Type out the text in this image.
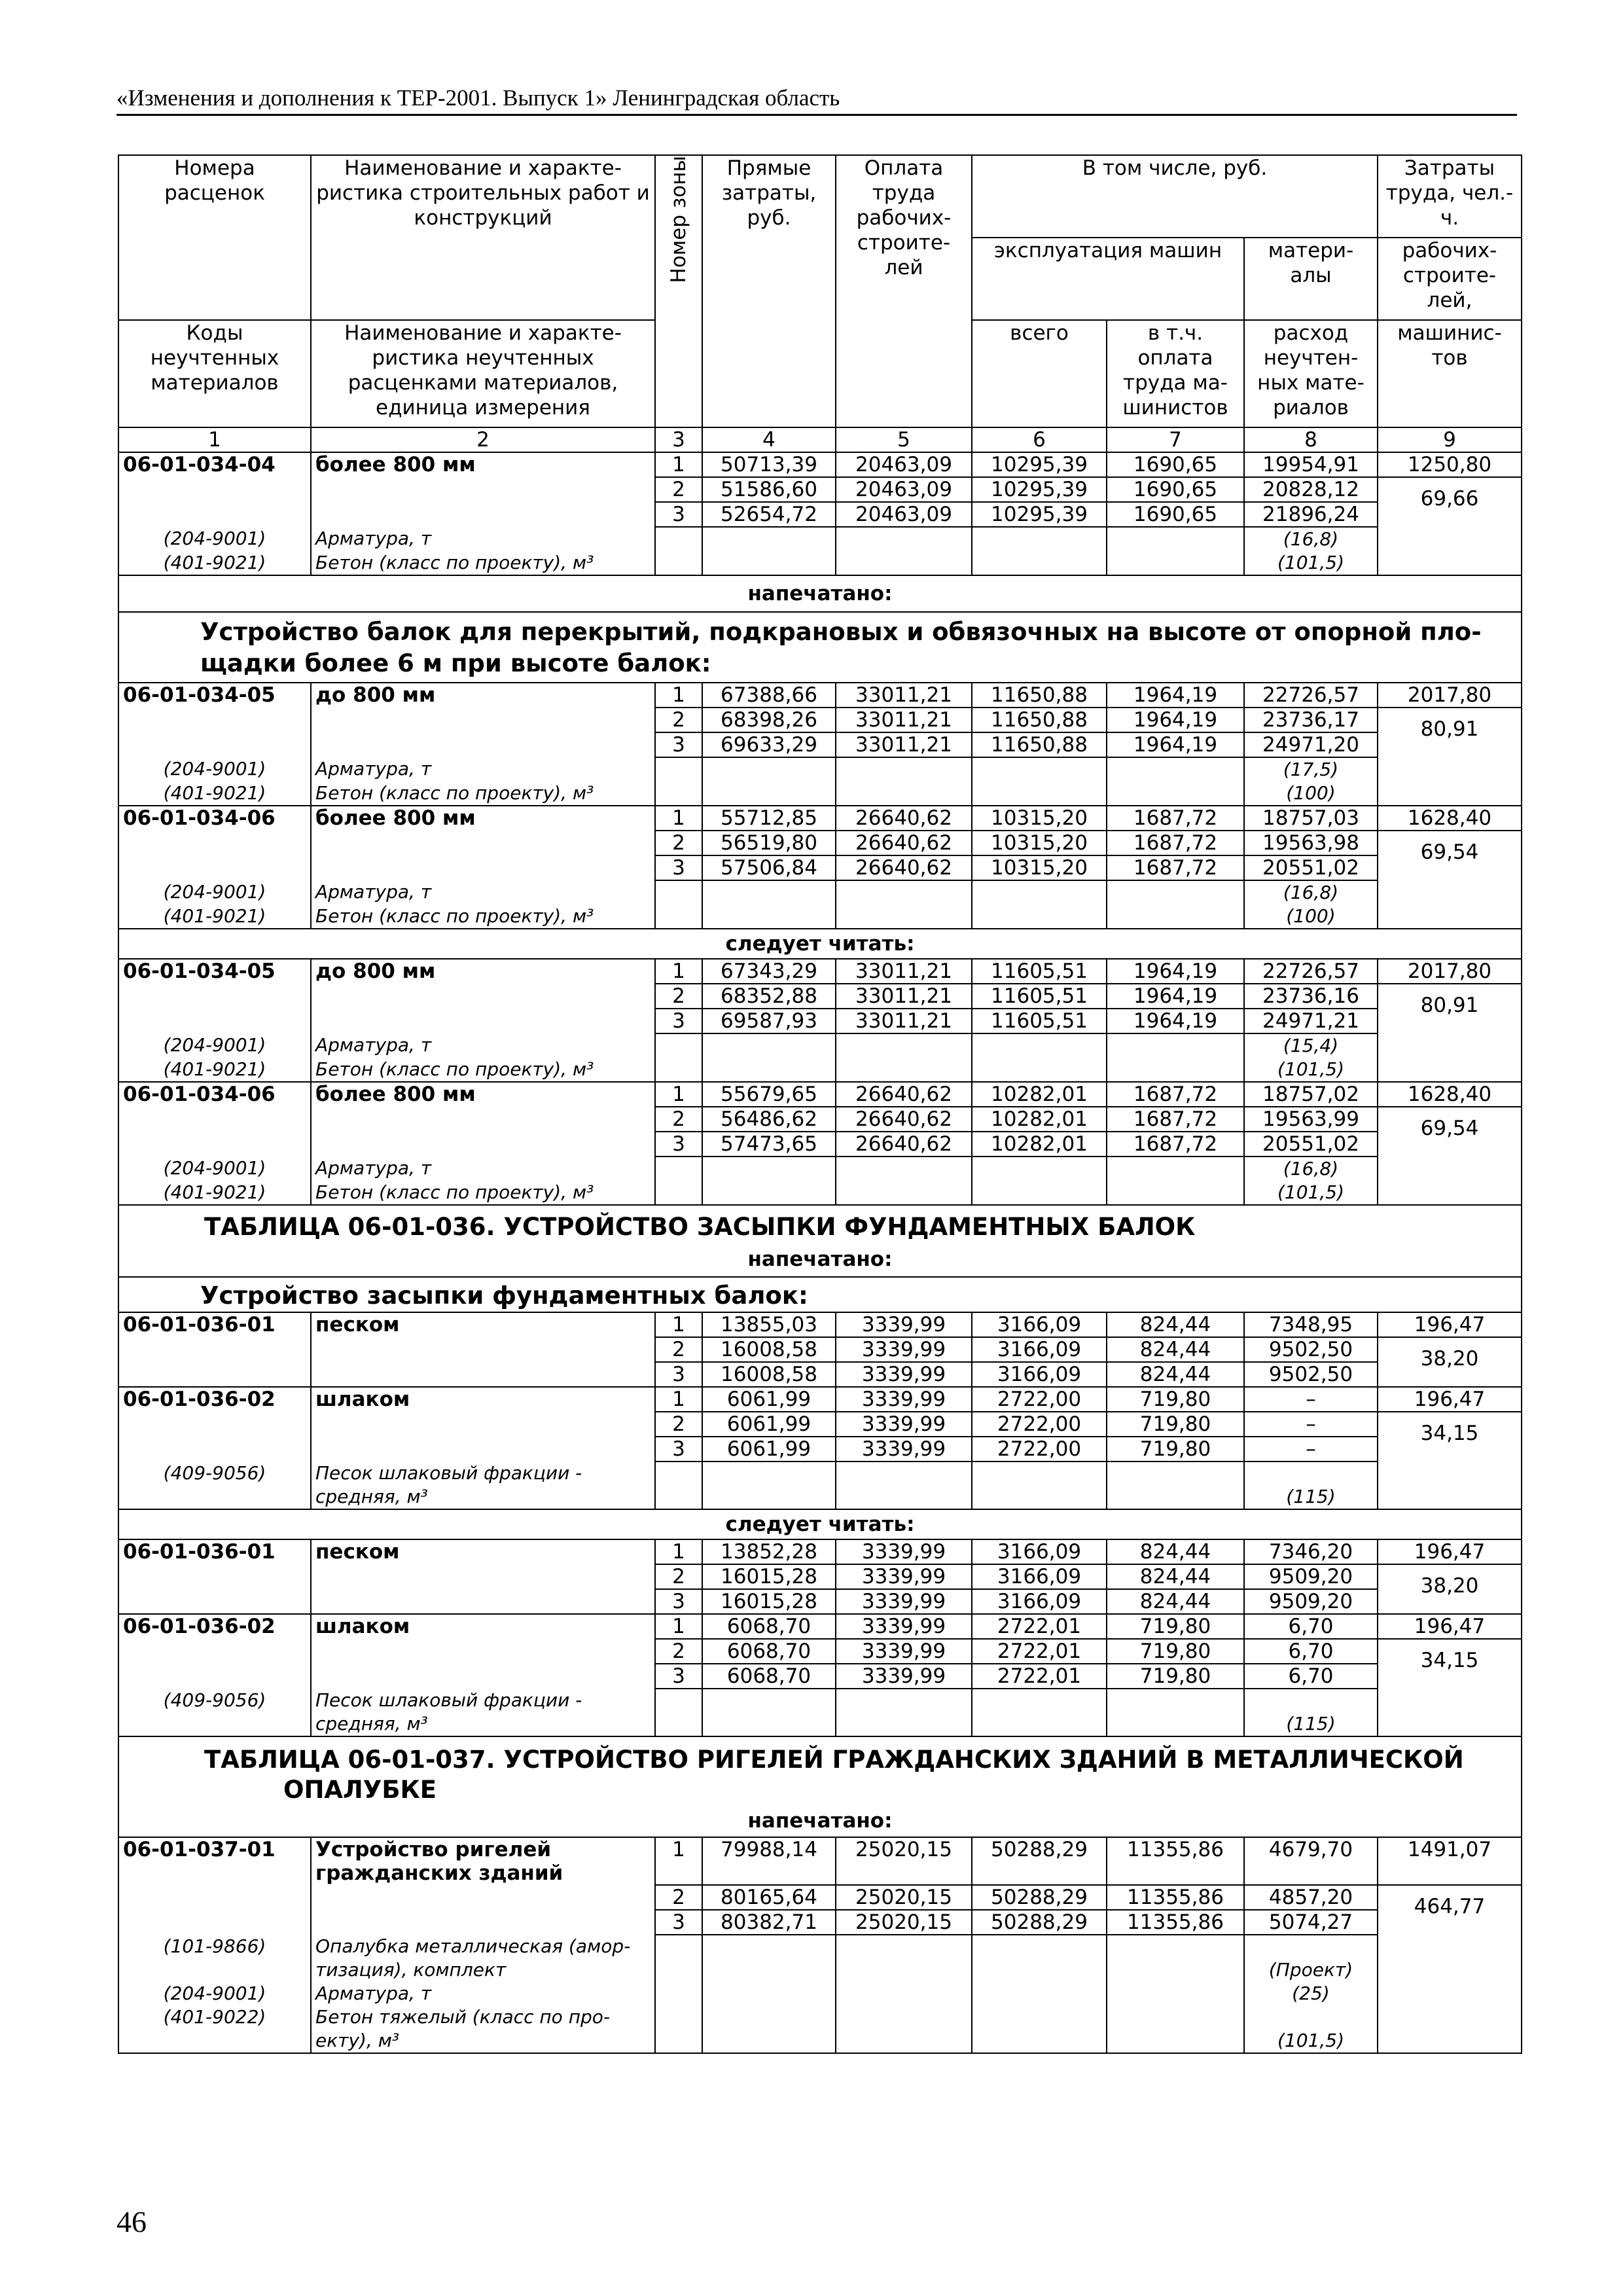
«Изменения и дополнения к ТЕР-2001. Выпуск 1» Ленинградская область
Номера расценок	Наименование и характе-ристика строительных работ и конструкций	Номер зоны	Прямые затраты, руб.	Оплата труда рабочих-строите-лей	В том числе, руб.			Затраты труда, чел.-ч.
					эксплуатация машин		матери-алы	рабочих-строите-лей,
Коды неучтенных материалов	Наименование и характе-ристика неучтенных расценками материалов, единица измерения				всего	в т.ч. оплата труда ма-шинистов	расход неучтен-ных мате-риалов	машинис-тов
1	2	3	4	5	6	7	8	9
06-01-034-04	более 800 мм	1	50713,39	20463,09	10295,39	1690,65	19954,91	1250,80
		2	51586,60	20463,09	10295,39	1690,65	20828,12	69,66
		3	52654,72	20463,09	10295,39	1690,65	21896,24	
(204-9001)	Арматура, т						(16,8)	
(401-9021)	Бетон (класс по проекту), м³						(101,5)	
напечатано:								
Устройство балок для перекрытий, подкрановых и обвязочных на высоте от опорной пло-щадки более 6 м при высоте балок:								
06-01-034-05	до 800 мм	1	67388,66	33011,21	11650,88	1964,19	22726,57	2017,80
		2	68398,26	33011,21	11650,88	1964,19	23736,17	80,91
		3	69633,29	33011,21	11650,88	1964,19	24971,20	
(204-9001)	Арматура, т						(17,5)	
(401-9021)	Бетон (класс по проекту), м³						(100)	
06-01-034-06	более 800 мм	1	55712,85	26640,62	10315,20	1687,72	18757,03	1628,40
		2	56519,80	26640,62	10315,20	1687,72	19563,98	69,54
		3	57506,84	26640,62	10315,20	1687,72	20551,02	
(204-9001)	Арматура, т						(16,8)	
(401-9021)	Бетон (класс по проекту), м³						(100)	
следует читать:								
06-01-034-05	до 800 мм	1	67343,29	33011,21	11605,51	1964,19	22726,57	2017,80
		2	68352,88	33011,21	11605,51	1964,19	23736,16	80,91
		3	69587,93	33011,21	11605,51	1964,19	24971,21	
(204-9001)	Арматура, т						(15,4)	
(401-9021)	Бетон (класс по проекту), м³						(101,5)	
06-01-034-06	более 800 мм	1	55679,65	26640,62	10282,01	1687,72	18757,02	1628,40
		2	56486,62	26640,62	10282,01	1687,72	19563,99	69,54
		3	57473,65	26640,62	10282,01	1687,72	20551,02	
(204-9001)	Арматура, т						(16,8)	
(401-9021)	Бетон (класс по проекту), м³						(101,5)	

ТАБЛИЦА 06-01-036. УСТРОЙСТВО ЗАСЫПКИ ФУНДАМЕНТНЫХ БАЛОК
напечатано:								

Устройство засыпки фундаментных балок:								
06-01-036-01	песком	1	13855,03	3339,99	3166,09	824,44	7348,95	196,47
		2	16008,58	3339,99	3166,09	824,44	9502,50	38,20
		3	16008,58	3339,99	3166,09	824,44	9502,50	
06-01-036-02	шлаком	1	6061,99	3339,99	2722,00	719,80	–	196,47
		2	6061,99	3339,99	2722,00	719,80	–	34,15
		3	6061,99	3339,99	2722,00	719,80	–	
(409-9056)	Песок шлаковый фракции - средняя, м³						(115)	
следует читать:								
06-01-036-01	песком	1	13852,28	3339,99	3166,09	824,44	7346,20	196,47
		2	16015,28	3339,99	3166,09	824,44	9509,20	38,20
		3	16015,28	3339,99	3166,09	824,44	9509,20	
06-01-036-02	шлаком	1	6068,70	3339,99	2722,01	719,80	6,70	196,47
		2	6068,70	3339,99	2722,01	719,80	6,70	34,15
		3	6068,70	3339,99	2722,01	719,80	6,70	
(409-9056)	Песок шлаковый фракции - средняя, м³						(115)	

ТАБЛИЦА 06-01-037. УСТРОЙСТВО РИГЕЛЕЙ ГРАЖДАНСКИХ ЗДАНИЙ В МЕТАЛЛИЧЕСКОЙ
ОПАЛУБКЕ
напечатано:								

06-01-037-01	Устройство ригелей гражданских зданий	1	79988,14	25020,15	50288,29	11355,86	4679,70	1491,07
		2	80165,64	25020,15	50288,29	11355,86	4857,20	464,77
		3	80382,71	25020,15	50288,29	11355,86	5074,27	
(101-9866)	Опалубка металлическая (амор-тизация), комплект						(Проект)	
(204-9001)	Арматура, т						(25)	
(401-9022)	Бетон тяжелый (класс по про-екту), м³						(101,5)	
46
